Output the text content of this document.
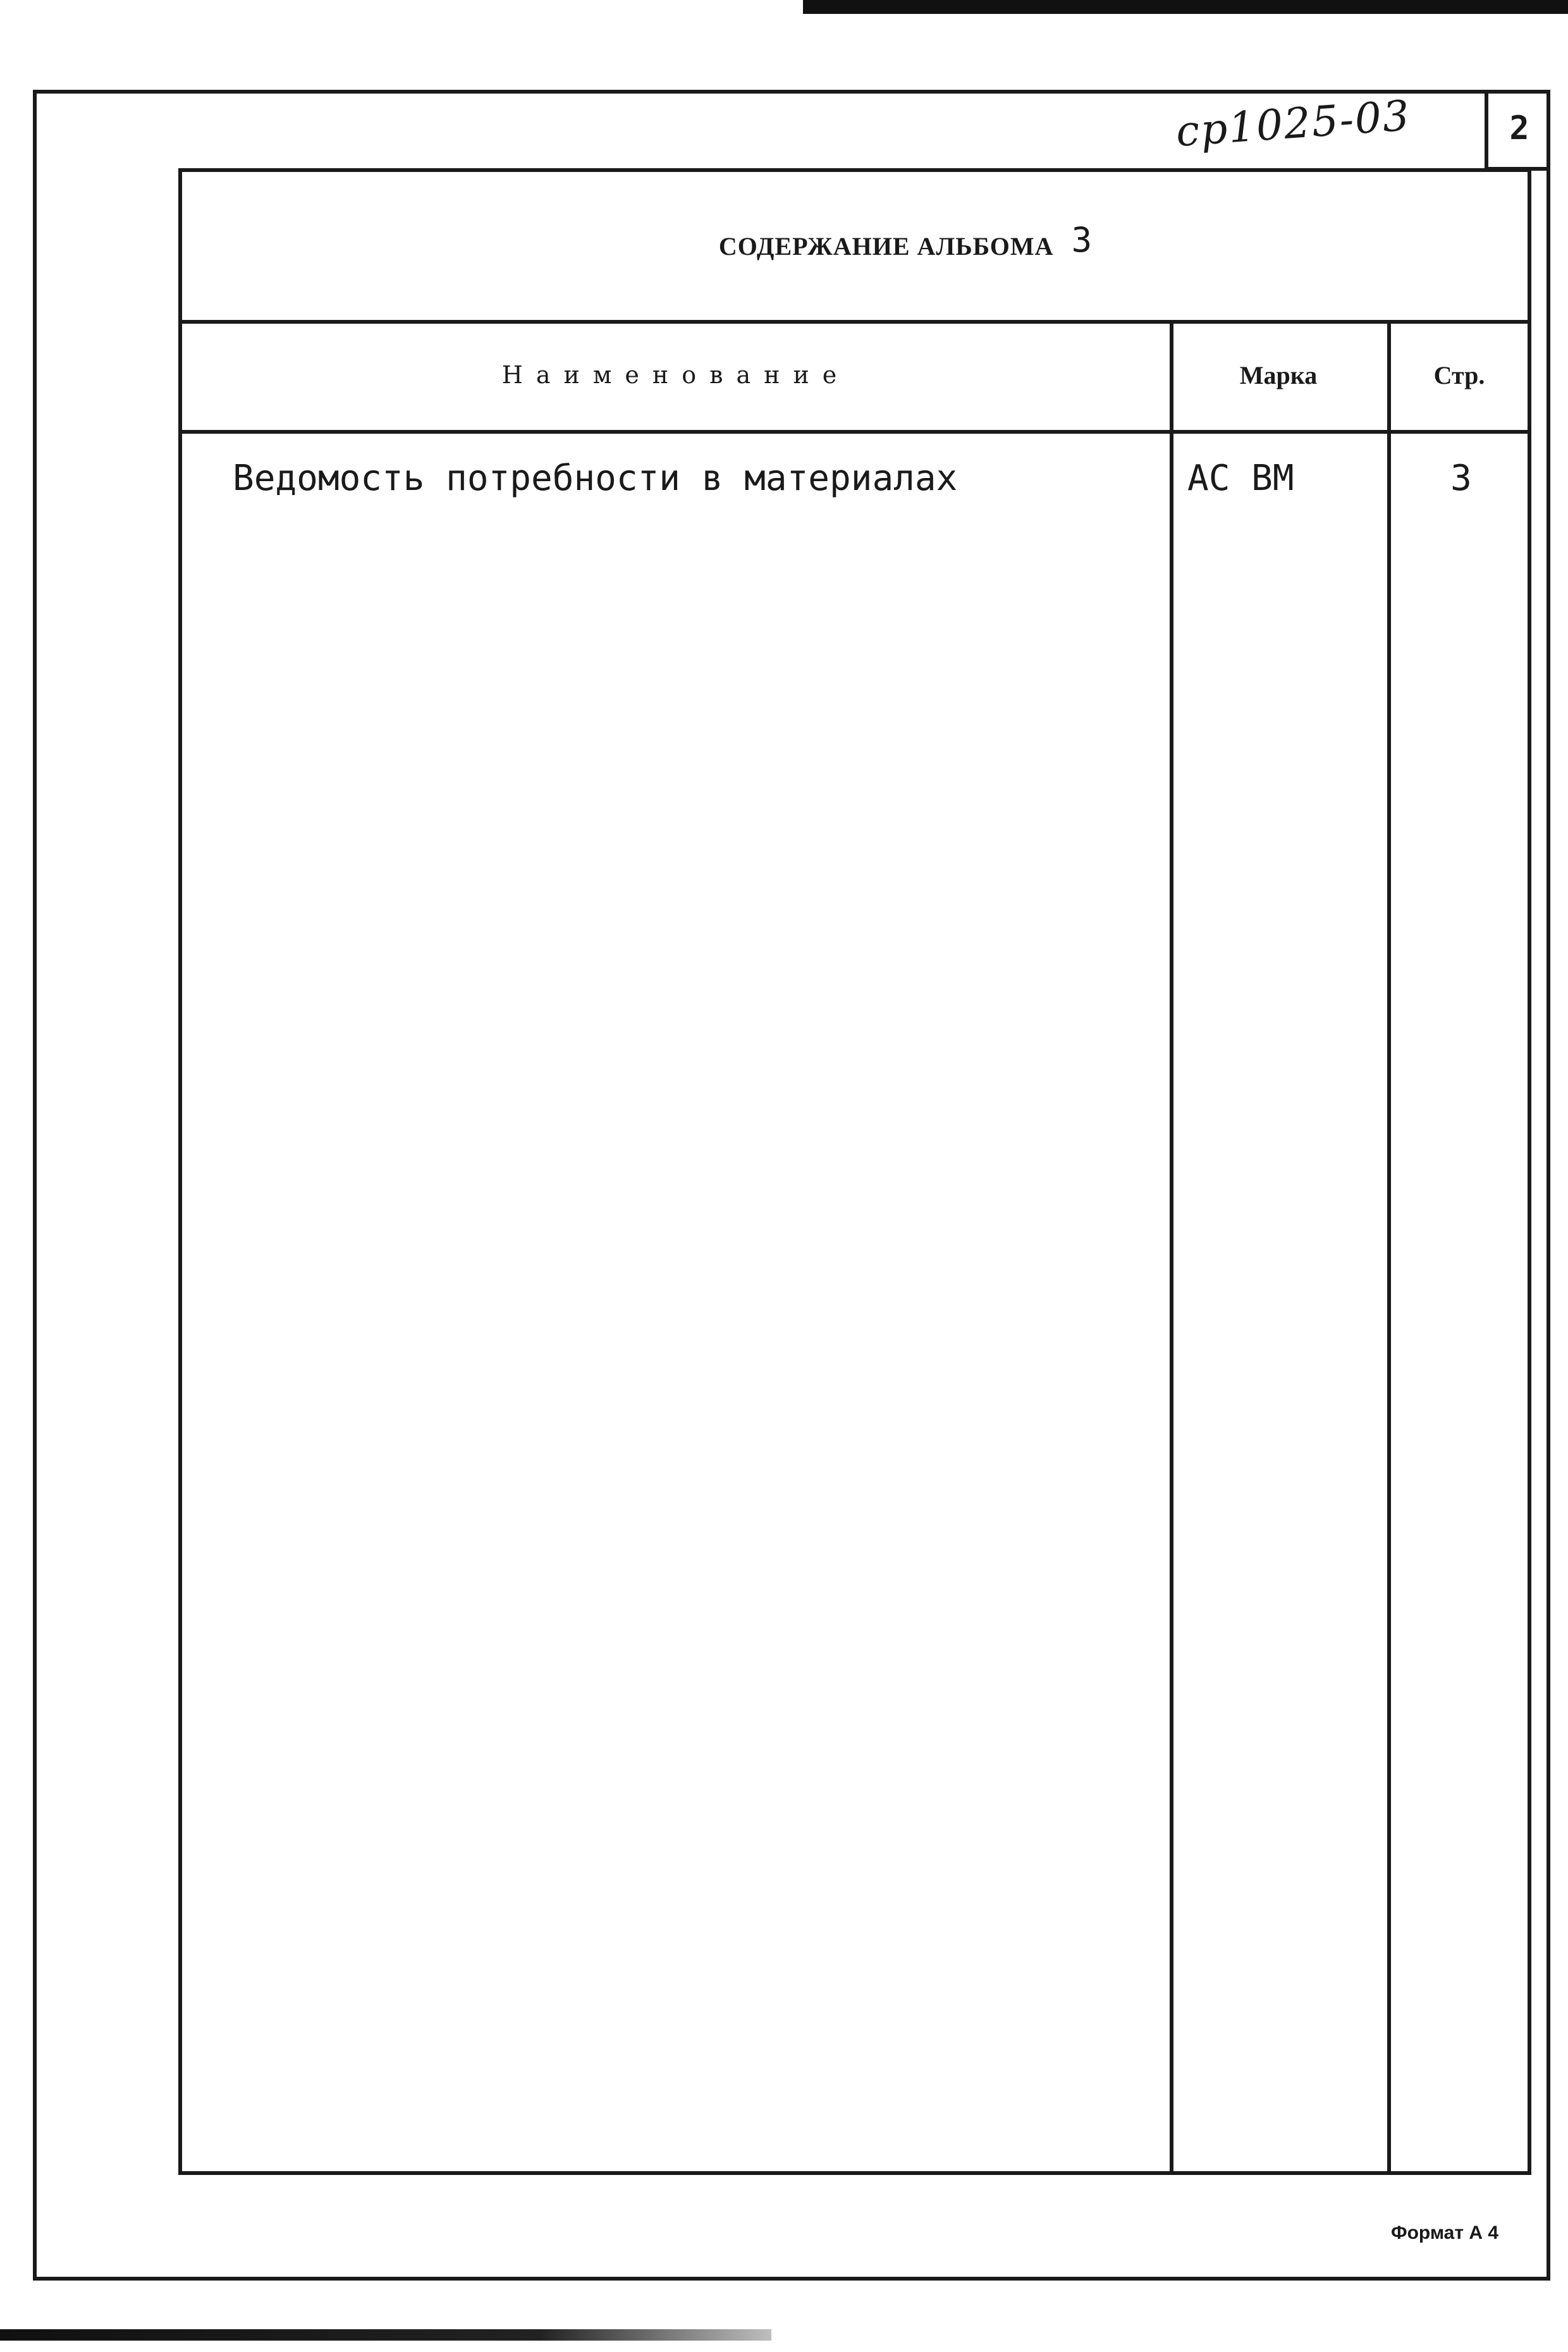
ср1025-03	2
СОДЕРЖАНИЕ АЛЬБОМА 3
Наименование	Марка	Стр.
Ведомость потребности в материалах	АС ВМ	3
Формат А 4
